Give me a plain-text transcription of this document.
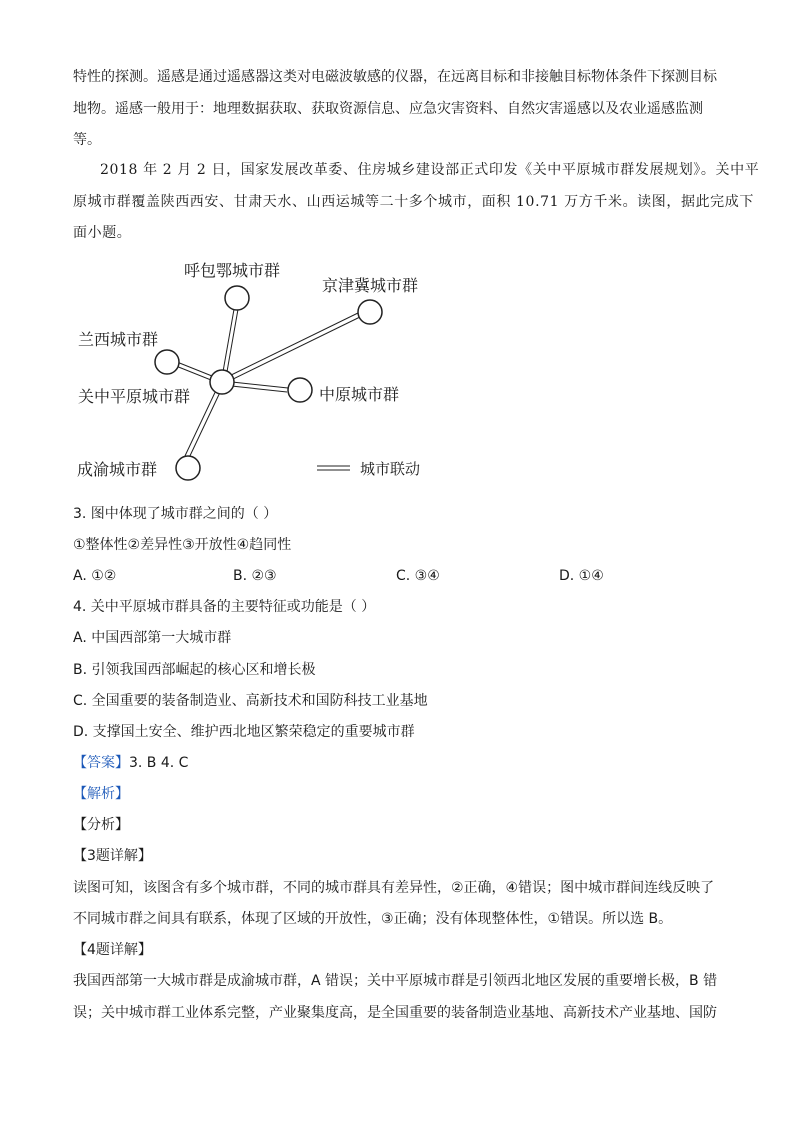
特性的探测。遥感是通过遥感器这类对电磁波敏感的仪器，在远离目标和非接触目标物体条件下探测目标
地物。遥感一般用于：地理数据获取、获取资源信息、应急灾害资料、自然灾害遥感以及农业遥感监测
等。
2018 年 2 月 2 日，国家发展改革委、住房城乡建设部正式印发《关中平原城市群发展规划》。关中平
原城市群覆盖陕西西安、甘肃天水、山西运城等二十多个城市，面积 10.71 万方千米。读图，据此完成下
面小题。
呼包鄂城市群
京津冀城市群
兰西城市群
关中平原城市群	中原城市群
成渝城市群	城市联动
3. 图中体现了城市群之间的（ ）
①整体性②差异性③开放性④趋同性
A. ①②	B. ②③	C. ③④	D. ①④
4. 关中平原城市群具备的主要特征或功能是（ ）
A. 中国西部第一大城市群
B. 引领我国西部崛起的核心区和增长极
C. 全国重要的装备制造业、高新技术和国防科技工业基地
D. 支撑国土安全、维护西北地区繁荣稳定的重要城市群
【答案】3. B 4. C
【解析】
【分析】
【3题详解】
读图可知，该图含有多个城市群，不同的城市群具有差异性，②正确，④错误；图中城市群间连线反映了
不同城市群之间具有联系，体现了区域的开放性，③正确；没有体现整体性，①错误。所以选 B。
【4题详解】
我国西部第一大城市群是成渝城市群，A 错误；关中平原城市群是引领西北地区发展的重要增长极，B 错
误；关中城市群工业体系完整，产业聚集度高，是全国重要的装备制造业基地、高新技术产业基地、国防
